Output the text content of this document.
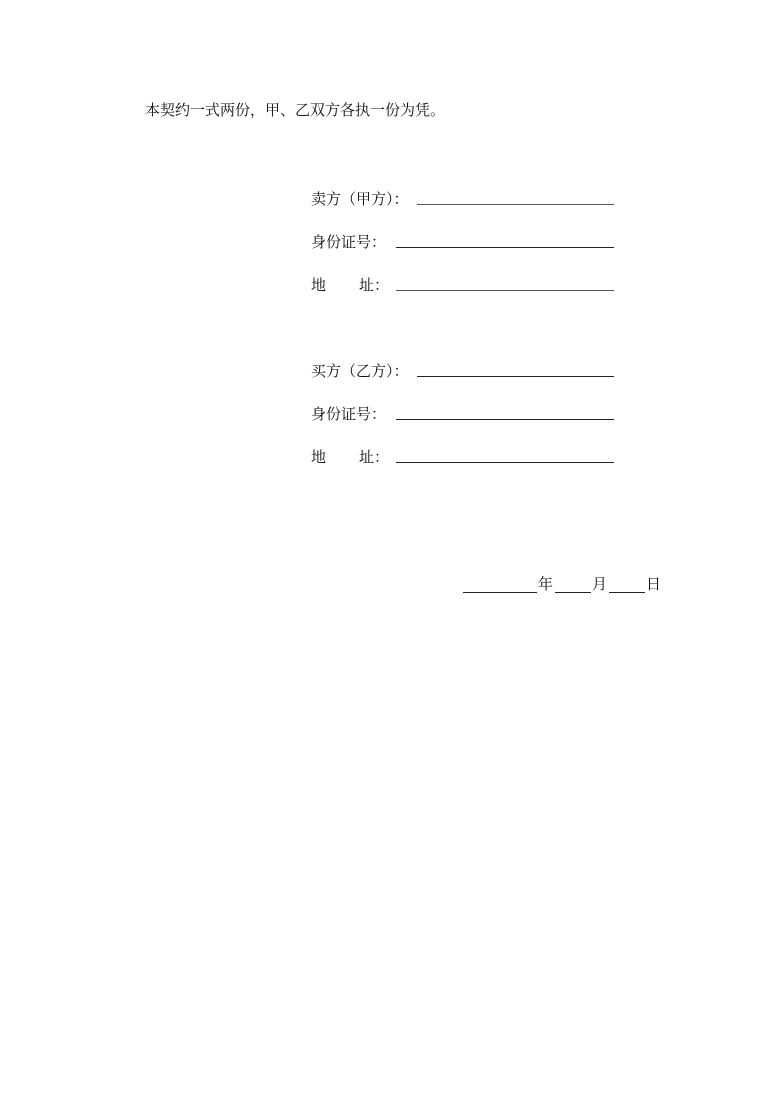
本契约一式两份，甲、乙双方各执一份为凭。
卖方（甲方）：
身份证号：
地	址：
买方（乙方）：
身份证号：
地	址：
年	月	日
